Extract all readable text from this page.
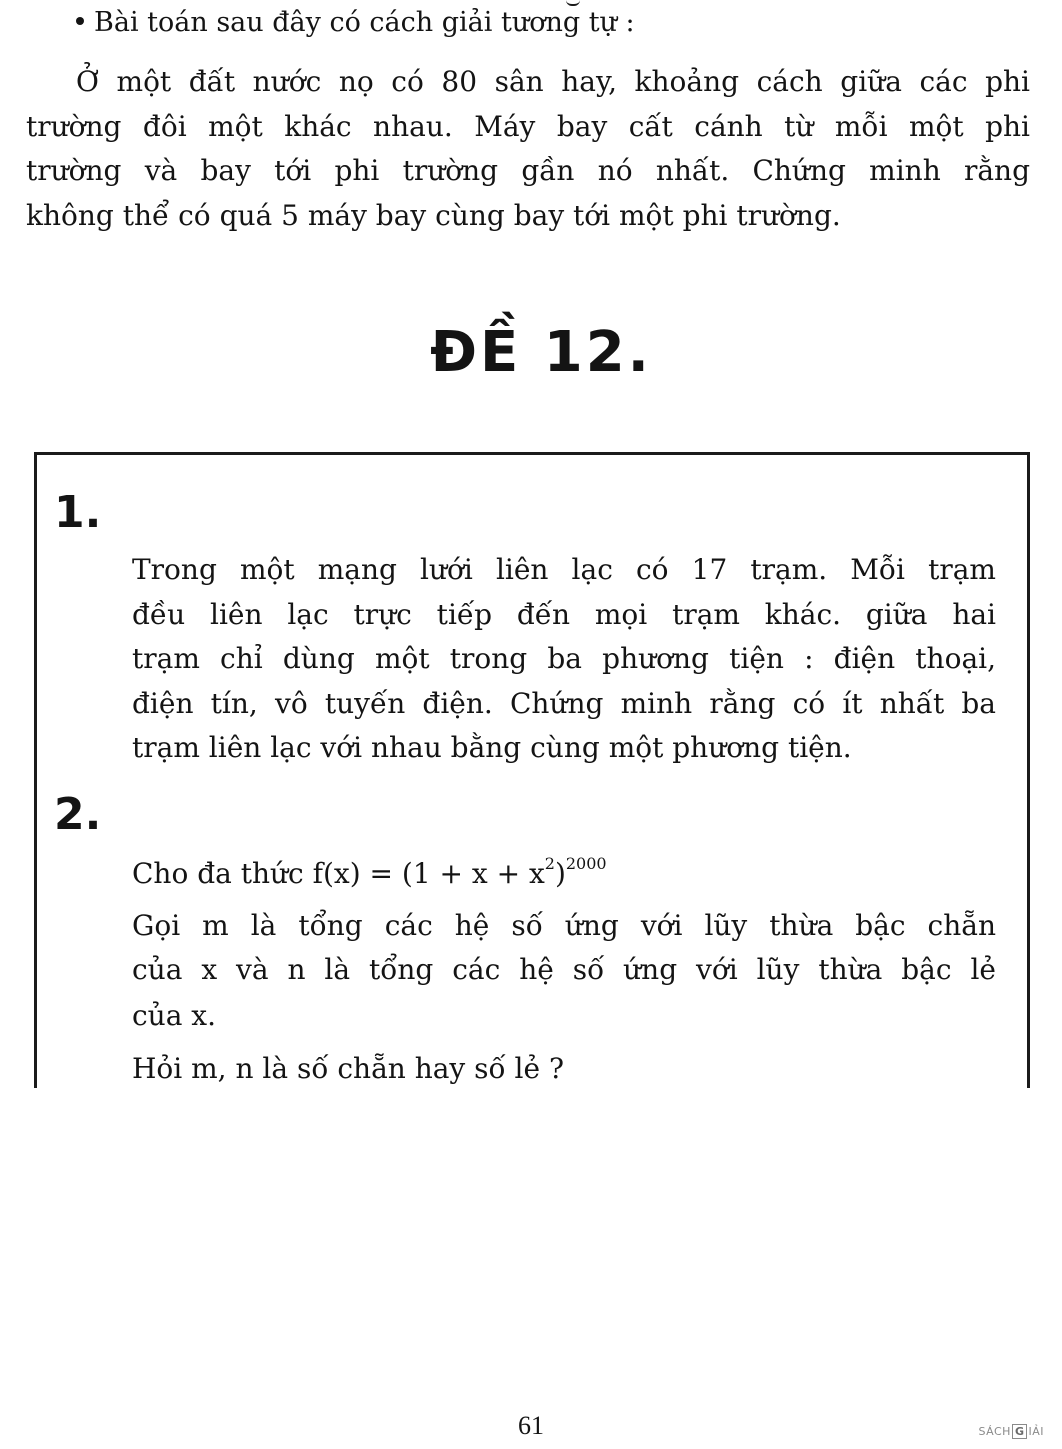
Bài toán sau đây có cách giải tương tự :
Ở một đất nước nọ có 80 sân hay, khoảng cách giữa các phi
trường đôi một khác nhau. Máy bay cất cánh từ mỗi một phi
trường và bay tới phi trường gần nó nhất. Chứng minh rằng
không thể có quá 5 máy bay cùng bay tới một phi trường.
ĐỀ 12.
1.
Trong một mạng lưới liên lạc có 17 trạm. Mỗi trạm
đều liên lạc trực tiếp đến mọi trạm khác. giữa hai
trạm chỉ dùng một trong ba phương tiện : điện thoại,
điện tín, vô tuyến điện. Chứng minh rằng có ít nhất ba
trạm liên lạc với nhau bằng cùng một phương tiện.
2.
Cho đa thức $f(x) = (1 + x + x^2)^{2000}$
Gọi m là tổng các hệ số ứng với lũy thừa bậc chẵn
của x và n là tổng các hệ số ứng với lũy thừa bậc lẻ
của x.
Hỏi m, n là số chẵn hay số lẻ ?
61	SÁCH G IẢI
